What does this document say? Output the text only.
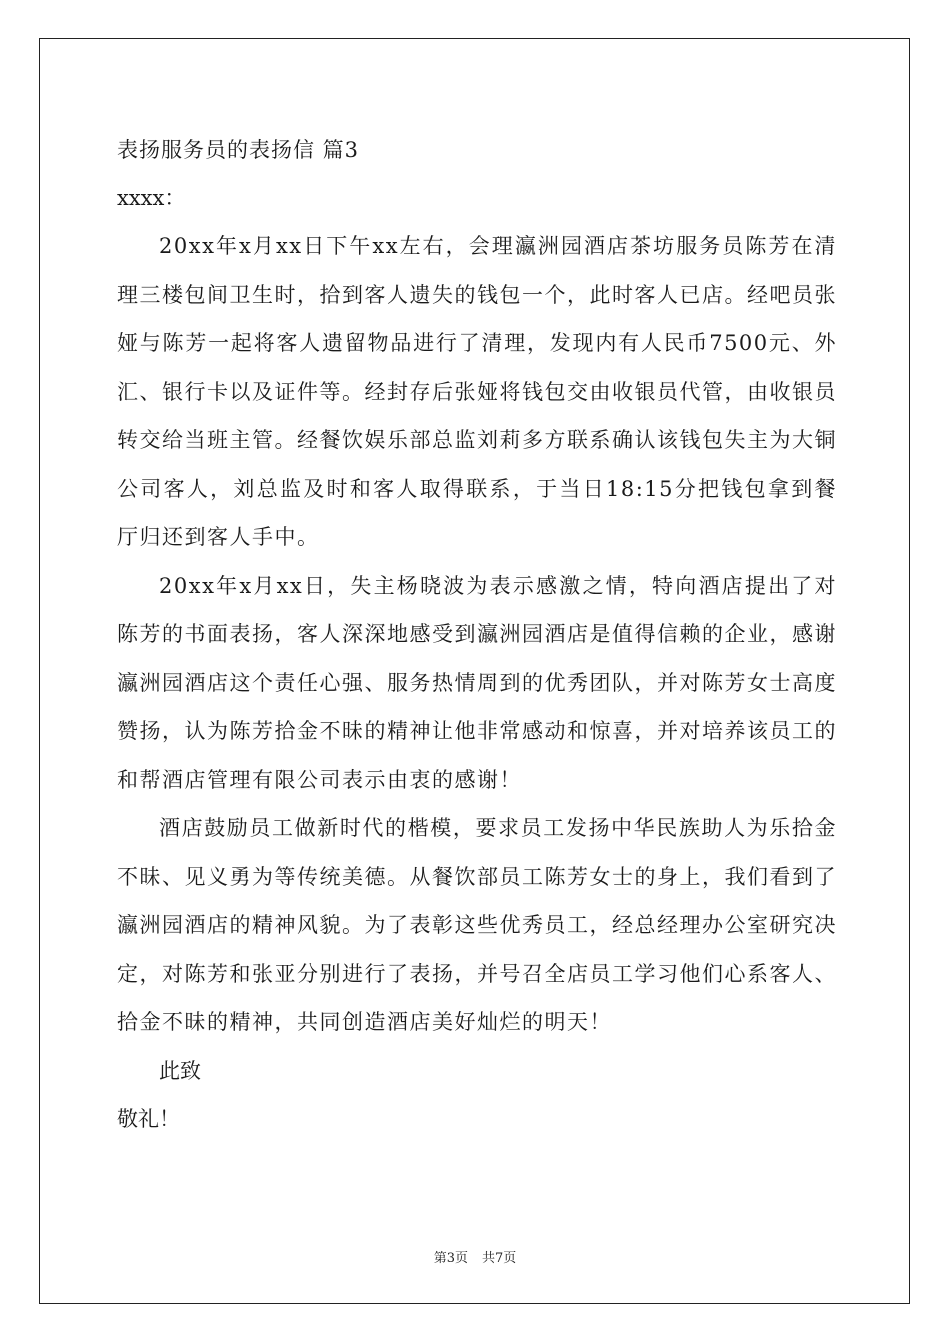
表扬服务员的表扬信 篇3

xxxx：

20xx年x月xx日下午xx左右，会理瀛洲园酒店茶坊服务员陈芳在清理三楼包间卫生时，拾到客人遗失的钱包一个，此时客人已店。经吧员张娅与陈芳一起将客人遗留物品进行了清理，发现内有人民币7500元、外汇、银行卡以及证件等。经封存后张娅将钱包交由收银员代管，由收银员转交给当班主管。经餐饮娱乐部总监刘莉多方联系确认该钱包失主为大铜公司客人，刘总监及时和客人取得联系，于当日18:15分把钱包拿到餐厅归还到客人手中。

20xx年x月xx日，失主杨晓波为表示感激之情，特向酒店提出了对陈芳的书面表扬，客人深深地感受到瀛洲园酒店是值得信赖的企业，感谢瀛洲园酒店这个责任心强、服务热情周到的优秀团队，并对陈芳女士高度赞扬，认为陈芳拾金不昧的精神让他非常感动和惊喜，并对培养该员工的和帮酒店管理有限公司表示由衷的感谢！

酒店鼓励员工做新时代的楷模，要求员工发扬中华民族助人为乐拾金不昧、见义勇为等传统美德。从餐饮部员工陈芳女士的身上，我们看到了瀛洲园酒店的精神风貌。为了表彰这些优秀员工，经总经理办公室研究决定，对陈芳和张亚分别进行了表扬，并号召全店员工学习他们心系客人、拾金不昧的精神，共同创造酒店美好灿烂的明天！

此致

敬礼！

第3页 共7页
